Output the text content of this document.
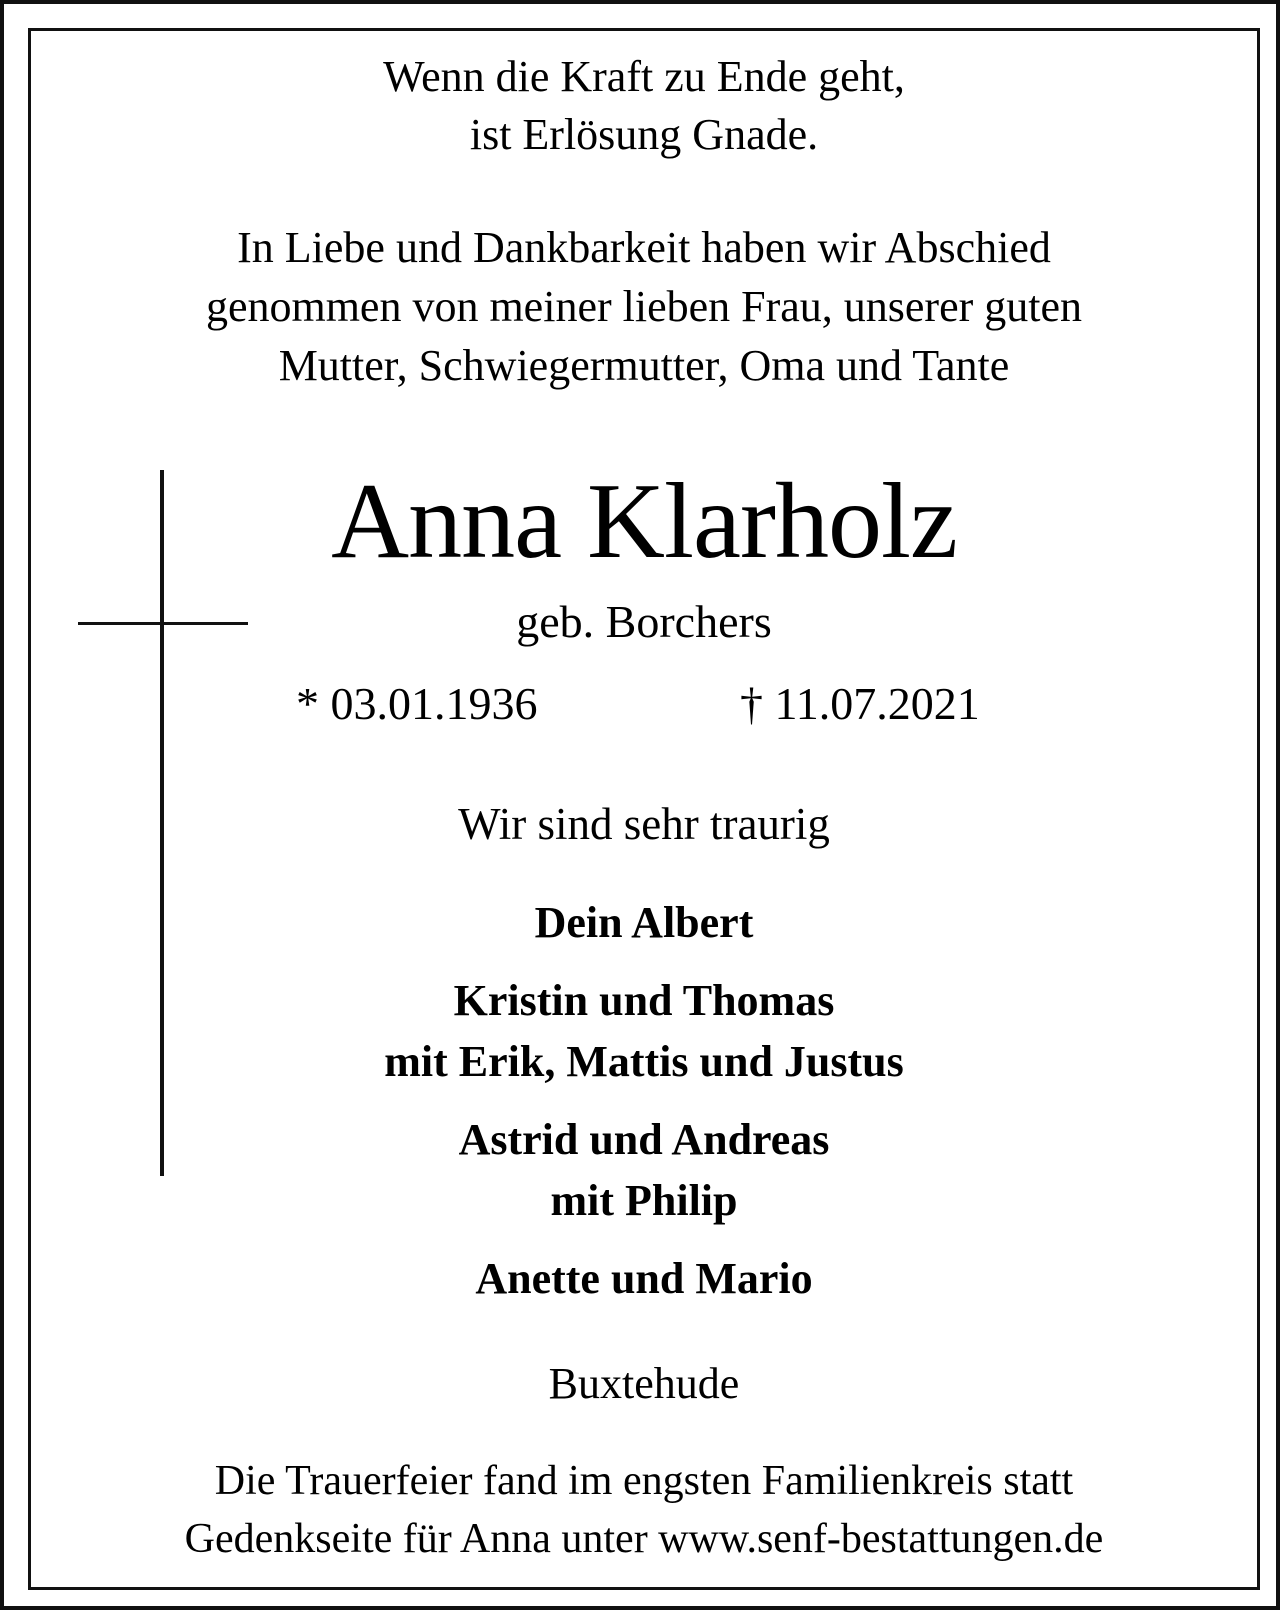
Wenn die Kraft zu Ende geht,
ist Erlösung Gnade.
In Liebe und Dankbarkeit haben wir Abschied
genommen von meiner lieben Frau, unserer guten
Mutter, Schwiegermutter, Oma und Tante
Anna Klarholz
geb. Borchers
* 03.01.1936	† 11.07.2021
Wir sind sehr traurig
Dein Albert
Kristin und Thomas
mit Erik, Mattis und Justus
Astrid und Andreas
mit Philip
Anette und Mario
Buxtehude
Die Trauerfeier fand im engsten Familienkreis statt
Gedenkseite für Anna unter www.senf-bestattungen.de
